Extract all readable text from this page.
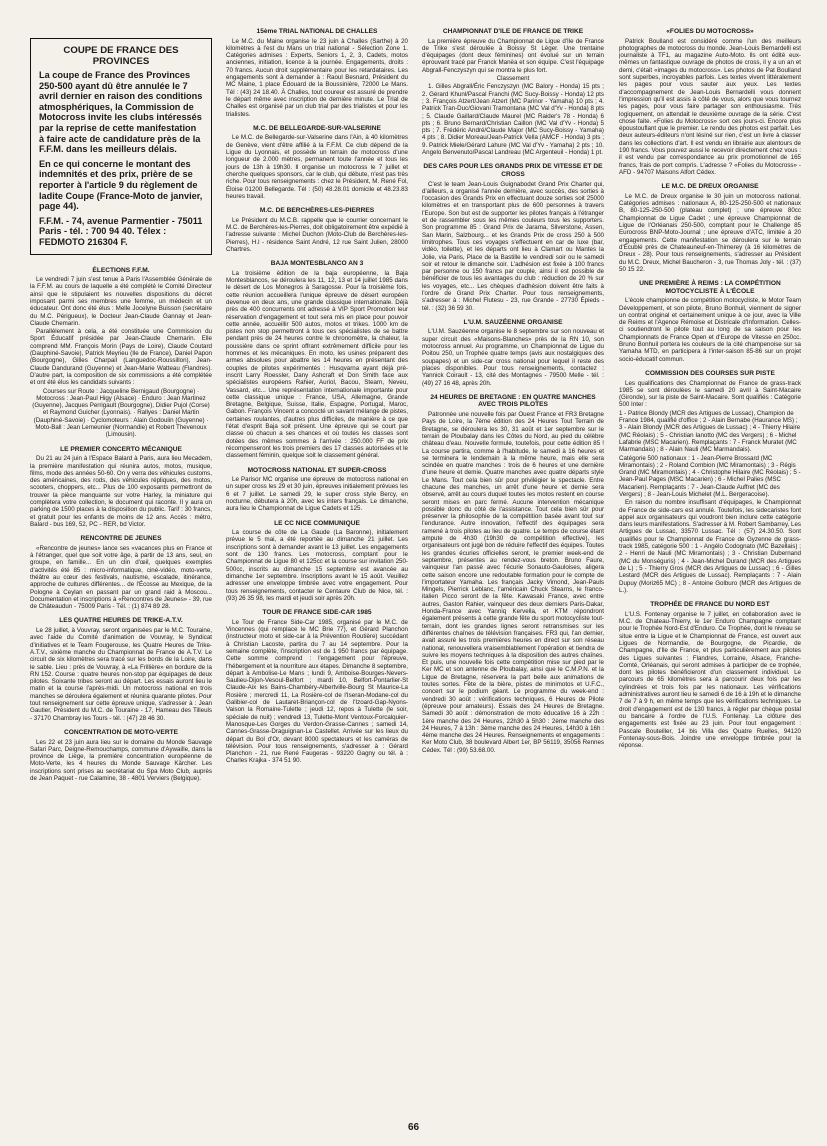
COUPE DE FRANCE DES PROVINCES

La coupe de France des Provinces 250-500 ayant dû être annulée le 7 avril dernier en raison des conditions atmosphériques, la Commission de Motocross invite les clubs intéressés par la reprise de cette manifestation à faire acte de candidature près de la F.F.M. dans les meilleurs délais.

En ce qui concerne le montant des indemnités et des prix, prière de se reporter à l'article 9 du règlement de ladite Coupe (France-Moto de janvier, page 44).

F.F.M. - 74, avenue Parmentier - 75011 Paris - tél. : 700 94 40. Télex : FEDMOTO 216304 F.

ÉLECTIONS F.F.M.

Le vendredi 7 juin s'est tenue à Paris l'Assemblée Générale de la F.F.M. au cours de laquelle a été complété le Comité Directeur ainsi que le stipulaient les nouvelles dispositions du décret imposant parmi ses membres une femme, un médecin et un éducateur. Ont donc été élus : Melle Jocelyne Buisson (secrétaire du M.C. Périgueux), le Docteur Jean-Claude Gannay et Jean-Claude Chemarin.

Parallèlement à cela, a été constituée une Commission du Sport Éducatif présidée par Jean-Claude Chemarin. Elle comprend MM. François Morin (Pays de Loire), Claude Coutard (Dauphiné-Savoie), Patrick Meyrieu (Ile de France), Daniel Papon (Bourgogne), Gilles Charpail (Languedoc-Roussillon), Jean-Claude Dandurand (Guyenne) et Jean-Marie Watteau (Flandres). D'autre part, la composition de six commissions a été complétée et ont été élus les candidats suivants :

Courses sur Route : Jacqueline Bernigaud (Bourgogne) · Motocross : Jean-Paul Higy (Alsace) · Enduro : Jean Martinez (Guyenne), Jacques Perrigault (Bourgogne), Didier Pujol (Corse) et Raymond Guicher (Lyonnais). · Rallyes : Daniel Martin (Dauphiné-Savoie) · Cyclomoteurs : Alain Godoulin (Guyenne) · Moto-Ball : Jean Lemeunier (Normandie) et Robert Thevenoux (Limousin).

LE PREMIER CONCERTO MÉCANIQUE

Du 21 au 24 juin à l'Espace Balard à Paris, aura lieu Mecadem, la première manifestation qui réunira autos, motos, musique, films, mode des années 50-60. On y verra des véhicules customs, des américaines, des rods, des véhicules répliques, des motos, scooters, choppers, etc... Plus de 100 exposants permettront de trouver la pièce manquante sur votre Harley, la miniature qui complètera votre collection, le document qui raconte. Il y aura un parking de 1500 places à la disposition du public. Tarif : 30 francs, et gratuit pour les enfants de moins de 12 ans. Accès : métro, Balard - bus 169, 52, PC - RER, bd Victor.

RENCONTRE DE JEUNES

«Rencontre de jeunes» lance ses «vacances plus en France et à l'étranger, quel que soit votre âge, à partir de 13 ans, seul, en groupe, en famille... En un clin d'œil, quelques exemples d'activités été 85 : micro-informatique, ciné-vidéo, moto-verte, théâtre au cœur des festivals, nautisme, escalade, itinérance, approche de cultures différentes... de l'Écosse au Mexique, de la Pologne à Ceylan en passant par un grand raid à Moscou... Documentation et inscriptions à «Rencontres de Jeunes» - 39, rue de Châteaudun - 75009 Paris - Tél. : (1) 874 89 28.

LES QUATRE HEURES DE TRIKE-A.T.V.

Le 28 juillet, à Vouvray, seront organisées par le M.C. Touraine, avec l'aide du Comité d'animation de Vouvray, le Syndicat d'initiatives et le Team Fougerouse, les Quatre Heures de Trike-A.T.V., sixième manche du Championnat de France de A.T.V. Le circuit de six kilomètres sera tracé sur les bords de la Loire, dans le sable. Lieu : près de Vouvray, à «La Frillière» en bordure de la RN 152. Course : quatre heures non-stop par équipages de deux pilotes. Soixante tribes seront au départ. Les essais auront lieu le matin et la course l'après-midi. Un motocross national en trois manches se déroulera également et réunira quarante pilotes. Pour tout renseignement sur cette épreuve unique, s'adresser à : Jean Gautier, Président du M.C. de Touraine - 17, Hameau des Tilleuls - 37170 Chambray les Tours - tél. : (47) 28 46 30.

CONCENTRATION DE MOTO-VERTE

Les 22 et 23 juin aura lieu sur le domaine du Monde Sauvage Safari Parc, Deigne-Remouchamps, commune d'Aywaille, dans la province de Liège, la première concentration européenne de Moto-Verte, les 4 heures du Monde Sauvage Kärcher. Les inscriptions sont prises au secrétariat du Spa Moto Club, auprès de Jean Paquet - rue Calamine, 38 - 4801 Verviers (Belgique).

15ème TRIAL NATIONAL DE CHALLES

Le M.C. du Maine organise le 23 juin à Challes (Sarthe) à 20 kilomètres à l'est du Mans un trial national - Sélection Zone 1. Catégories admises : Experts, Seniors 1, 2, 3, Cadets, motos anciennes, initiation, licence à la journée. Engagements, droits : 70 francs. Aucun droit supplémentaire pour les retardataires. Les engagements sont à demander à : Raoul Besnard, Président du MC Maine, 1 place Édouard de la Boussinière, 72000 Le Mans. Tél : (43) 24 18.40. À Challes, tout coureur est assuré de prendre le départ même avec inscription de dernière minute. Le Trial de Challes est organisé par un club trial par des trialistes et pour les trialistes.

M.C. DE BELLEGARDE-SUR-VALSERINE

Le M.C. de Bellegarde-sur-Valserine dans l'Ain, à 40 kilomètres de Genève, vient d'être affilié à la F.F.M. Ce club dépend de la Ligue du Lyonnais, et possède un terrain de motocross d'une longueur de 2.000 mètres, permanent toute l'année et tous les jours de 13h à 19h30. Il organise un motocross le 7 juillet et cherche quelques sponsors, car le club, qui débute, n'est pas très riche. Pour tous renseignements : chez le Président, M. René Fol, Éloise 01200 Bellegarde. Tél : (50) 48.28.01 domicile et 48.23.83 heures travail.

M.C. DE BERCHÈRES-LES-PIERRES

Le Président du M.C.B. rappelle que le courrier concernant le M.C. de Berchères-les-Pierres, doit obligatoirement être expédié à l'adresse suivante : Michel Duchon (Moto-Club de Berchères-les-Pierres), H.l - résidence Saint André, 12 rue Saint Julien, 28000 Chartres.

BAJA MONTESBLANCO AN 3

La troisième édition de la baja européenne, la Baja Montesblancos, se déroulera les 11, 12, 13 et 14 juillet 1985 dans le désert de Los Monegros à Saragosse. Pour la troisième fois, cette réunion accueillera l'unique épreuve de désert européen devenue en deux ans, une grande classique internationale. Déjà près de 400 concurrents ont adressé à VIP Sport Promotion leur réservation d'engagement et tout sera mis en place pour pouvoir cette année, accueillir 500 autos, motos et trikes. 1000 km de pistes non stop permettront à tous ces spécialistes de se battre pendant près de 24 heures contre le chronomètre, la chaleur, la poussière dans ce sprint offrant extrêmement difficile pour les hommes et les mécaniques. En moto, les usines préparent des armes absolues pour abattre les 14 heures en présentant des couples de pilotes expérimentés : Husqvarna ayant déjà pré-inscrit Larry Roessler, Dany Ashcraft et Don Smith face aux spécialistes européens Rahier, Auriol, Bacou, Stearn, Neveu, Vassard, etc... Une représentation internationale importante pour cette classique unique : France, USA, Allemagne, Grande Bretagne, Belgique, Suisse, Italie, Espagne, Portugal, Maroc, Gabon. François Vincent a concocté un savant mélange de pistes, certaines roulantes, d'autres plus difficiles, de manière à ce que l'état d'esprit Baja soit présent. Une épreuve qui se court par classe où chacun a ses chances et où toutes les classes sont dotées des mêmes sommes à l'arrivée : 250.000 FF de prix récompenseront les trois premiers des 17 classes autorisées et le classement féminin, quelque soit le classement général.

MOTOCROSS NATIONAL ET SUPER-CROSS

Le Parisor MC organise une épreuve de motocross national en un super cross les 29 et 30 juin, épreuves initialement prévues les 6 et 7 juillet. Le samedi 29, le super cross style Bercy, en nocturne, débutera à 20h, avec les inters français. Le dimanche, aura lieu le Championnat de Ligue Cadets et 125.

LE CC NICE COMMUNIQUE

La course de côte de La Gaude (La Baronne), initialement prévue le 5 mai, a été reportée au dimanche 21 juillet. Les inscriptions sont à demander avant le 13 juillet. Les engagements sont de 130 francs. Les motocross, comptant pour le Championnat de Ligue 80 et 125cc et la course sur invitation 250-500cc, inscrits au dimanche 15 septembre est avancée au dimanche 1er septembre. Inscriptions avant le 15 août. Veuillez adresser une enveloppe timbrée avec votre engagement. Pour tous renseignements, contacter le Centaure Club de Nice, tél. : (93) 26 35 98, les mardi et jeudi soir après 20h.

TOUR DE FRANCE SIDE-CAR 1985

Le Tour de France Side-Car 1985, organisé par le M.C. de Vincennes (qui remplace le MC Brie 77), et Gérard Planchon (instructeur moto et side-car à la Prévention Routière) succédant à Christian Lacoste, partira du 7 au 14 septembre. Pour la semaine complète, l'inscription est de 1 950 francs par équipage. Cette somme comprend : l'engagement pour l'épreuve, l'hébergement et la nourriture aux étapes. Dimanche 8 septembre, départ à Ambolise-Le Mans ; lundi 9, Amboise-Bourges-Nevers-Saulieu-Dijon-Vesoul-Belfort ; mardi 10, Belfort-Pontarlier-St Claude-Aix les Bains-Chambéry-Albertville-Bourg St Maurice-La Rosière ; mercredi 11, La Rosière-col de l'Iseran-Modane-col du Galibier-col de Lautaret-Briançon-col de l'Izoard-Gap-Nyons-Vaison la Romaine-Tulette ; jeudi 12, repos à Tulette (le soir, spéciale de nuit) ; vendredi 13, Tulette-Mont Ventoux-Forcalquier-Manosque-Les Gorges du Verdon-Grasse-Cannes ; samedi 14, Cannes-Grasse-Draguignan-Le Castellet. Arrivée sur les lieux du départ du Bol d'Or, devant 8000 spectateurs et les caméras de télévision. Pour tous renseignements, s'adresser à : Gérard Planchon - 21, rue René Faugeras - 93220 Gagny ou tél. à : Charles Krajka - 374 51 90.

CHAMPIONNAT D'ILE DE FRANCE DE TRIKE

La première épreuve du Championnat de Ligue d'Ile de France de Trike s'est déroulée à Boissy St Léger. Une trentaine d'équipages (dont deux féminines) ont évolué sur un terrain éprouvant tracé par Franck Manèa et son équipe. C'est l'équipage Abgrall-Fenczyszyn qui se montra le plus fort.

Classement

1. Gilles Abgrall/Éric Fenczyszyn (MC Balory - Honda) 15 pts ; 2. Gérard Khunl/Pascal Franchi (MC Sucy-Boissy - Honda) 12 pts ; 3. François Atzert/Jean Atzert (MC Parinor - Yamaha) 10 pts ; 4. Patrick Tran-Duc/Giovani Tramontana (MC Val d'Yv - Honda) 8 pts ; 5. Claude Gaillard/Claude Maurel (MC Raider's 78 - Honda) 6 pts ; 6. Bruno Bernard/Christian Caillon (MC Val d'Yv - Honda) 5 pts ; 7. Frédéric André/Claude Major (MC Sucy-Boissy - Yamaha) 4 pts ; 8. Didier Moreau/Jean-Patrick Vella (AMCF - Honda) 3 pts ; 9. Patrick Miele/Gérard Lahure (MC Val d'Yv - Yamaha) 2 pts ; 10. Angelo Benvenuto/Pascal Landreau (MC Argenteuil - Honda) 1 pt.

DES CARS POUR LES GRANDS PRIX DE VITESSE ET DE CROSS

C'est le team Jean-Louis Guignabodet Grand Prix Charter qui, d'ailleurs, a organisé l'année dernière, avec succès, des sorties à l'occasion des Grands Prix en effectuant douze sorties soit 25000 kilomètres et en transportant plus de 600 personnes à travers l'Europe. Son but est de supporter les pilotes français à l'étranger et de rassembler sous les mêmes couleurs tous les supporters. Son programme 85 : Grand Prix de Jarama, Silverstone, Assen, San Marin, Salzbourg... et les Grands Prix de cross 250 à 500 limitrophes. Tous ces voyages s'effectuent en car de luxe (bar, vidéo, toilette), et les départs ont lieu à Clamart ou Mantes la Jolie, via Paris, Place de la Bastille le vendredi soir ou le samedi soir et retour le dimanche soir. L'adhésion est fixée à 100 francs par personne ou 150 francs par couple, ainsi il est possible de bénéficier de tous les avantages du club : réduction de 20 % sur les voyages, etc... Les chèques d'adhésion doivent être faits à l'ordre de Grand Prix Charter. Pour tous renseignements, s'adresser à : Michel Flutesu - 23, rue Grande - 27730 Épieds - tél. : (32) 36 59 30.

L'U.M. SAUZÉENNE ORGANISE

L'U.M. Sauzéenne organise le 8 septembre sur son nouveau et super circuit des «Maisons-Blanches» près de la RN 10, son motocross annuel. Au programme, un Championnat de Ligue du Poitou 250, un Trophée quatre temps (avis aux nostalgiques des soupapes) et un side-car cross national pour lequel il reste des places disponibles. Pour tous renseignements, contactez : Yannick Coirault - 13, cité des Montagnes - 79500 Melle - tél. : (49) 27 16 48, après 20h.

24 HEURES DE BRETAGNE : EN QUATRE MANCHES AVEC TROIS PILOTES

Patronnée une nouvelle fois par Ouest France et FR3 Bretagne Pays de Loire, la 7ème édition des 24 Heures Tout Terrain de Bretagne, se déroulera les 30, 31 août et 1er septembre sur le terrain de Ploubalay dans les Côtes du Nord, au pied du célèbre château d'eau. Nouvelle formule, toutefois, pour cette édition 85 ! La course partira, comme à l'habitude, le samedi à 16 heures et se terminera le lendemain à la même heure, mais elle sera scindée en quatre manches : trois de 6 heures et une dernière d'une heure et demie. Quatre manches avec quatre départs style Le Mans. Tout cela bien sûr pour privilégier le spectacle. Entre chacune des manches, un arrêt d'une heure et demie sera observé, arrêt au cours duquel toutes les motos restent en course seront mises en parc fermé. Aucune intervention mécanique possible donc du côté de l'assistance. Tout cela bien sûr pour préserver la philosophie de la compétition basée avant tout sur l'endurance. Autre innovation, l'effectif des équipages sera ramené à trois pilotes au lieu de quatre. Le temps de course étant ampute de 4h30 (19h30 de compétition effective), les organisateurs ont jugé bon de réduire l'effectif des équipes. Toutes les grandes écuries officielles seront, le premier week-end de septembre, présentes au rendez-vous breton. Bruno Faure, vainqueur l'an passé avec l'écurie Sonauto-Gauloises, aligera cette saison encore une redoutable formation pour le compte de l'importateur Yamaha. Les français Jacky Vimond, Jean-Pauls Mingels, Pierrick Leblanc, l'américain Chuck Stearns, le franco-italien Picco seront de la fête. Kawasaki France, avec entre autres, Gaston Rahier, vainqueur des deux derniers Paris-Dakar, Honda-France avec Yanniq Kervella, et KTM répondront également présents à cette grande fête du sport motocycliste tout-terrain, dont les grandes lignes seront retransmises sur les différentes chaînes de télévision françaises. FR3 qui, l'an dernier, avait assuré les trois premières heures en direct sur son réseau national, renouvellera vraisemblablement l'opération et tiendra de suivre les moyens techniques à la disposition des autres chaînes. Et puis, une nouvelle fois cette compétition mise sur pied par le Ker MC et son antenne de Ploubalay, ainsi que le C.M.P.N. et la Ligue de Bretagne, réservera la part belle aux animations de toutes sortes. Fête de la bière, pistes de minimotos et U.F.C., concert sur le podium géant. Le programme du week-end : vendredi 30 août : vérifications techniques, 6 Heures de Pilote (épreuve pour amateurs). Essais des 24 Heures de Bretagne. Samedi 30 août : démonstration de moto éducative 16 à 22h : 1ère manche des 24 Heures, 22h30 à 5h30 : 2ème manche des 24 Heures, 7 à 13h : 3ème manche des 24 Heures, 14h30 à 16h : 4ème manche des 24 Heures. Renseignements et engagements : Ker Moto Club, 38 boulevard Albert 1er, BP 56119, 35056 Rennes Cédex. Tél : (99) 53.68.00.

«FOLIES DU MOTOCROSS»

Patrick Boulland est considéré comme l'un des meilleurs photographes de motocross du monde. Jean-Louis Bernardelli est journaliste à TF1, au magazine Auto-Moto. Ils ont édité eux-mêmes un fantastique ouvrage de photos de cross, il y a un an et demi, c'était «images du motocross». Les photos de Pat Boulland sont superbes, incroyables parfois. Les textes vivent littéralement les pages pour vous sauter aux yeux. Les textes d'accompagnement de Jean-Louis Bernardelli vous donnent l'impression qu'il est assis à côté de vous, alors que vous tournez les pages, pour vous faire partager son enthousiasme. Très logiquement, on attendait le deuxième ouvrage de la série. C'est chose faite. «Folies du Motocross» sort ces jours-ci. Encore plus époustouflant que le premier. Le rendu des photos est parfait. Les deux auteurs-éditeurs n'ont lésiné sur rien, c'est un livre à classer dans les collections d'art. Il est vendu en librairie aux alentours de 190 francs. Vous pouvez aussi le recevoir directement chez vous : il est vendu par correspondance au prix promotionnel de 165 francs, frais de port compris. L'adresse ? «Folies du Motocross» - AFD - 94707 Maisons Alfort Cédex.

LE M.C. DE DREUX ORGANISE

Le M.C. de Dreux organise le 30 juin un motocross national. Catégories admises : nationaux A, 80-125-250-500 et nationaux B, 80-125-250-500 (plateau complet) ; une épreuve 80cc Championnat de Ligue Cadet ; une épreuve Championnat de Ligue de l'Orléanais 250-500, comptant pour le Challenge 85 Eurocross BNP-Moto-Journal ; une épreuve d'ATC, limitée à 20 engagements. Cette manifestation se déroulera sur le terrain d'Écublé près de Chateauneuf-en-Thimerey (à 16 kilomètres de Dreux - 28). Pour tous renseignements, s'adresser au Président du M.C. Dreux, Michel Baucheron - 3, rue Thomas Joly - tél. : (37) 50 15 22.

UNE PREMIÈRE À REIMS : LA COMPÉTITION MOTOCYCLISTE À L'ÉCOLE

L'école championne de compétition motocycliste, le Motor Team Développement, et son pilote, Bruno Bonhuil, viennent de signer un contrat original et certainement unique à ce jour, avec la Ville de Reims et l'Agence Rémoise et Districale d'Information. Celles-ci soutiendront le pilote tout au long de sa saison pour les Championnats de France Open et d'Europe de Vitesse en 250cc. Bruno Bonhuil portera les couleurs de la cité champenoise sur sa Yamaha MTD, en participera à l'inter-saison 85-86 sur un projet socio-éducatif commun.

COMMISSION DES COURSES SUR PISTE

Les qualifications des Championnat de France de grass-track 1985 se sont déroulées le samedi 20 avril à Saint-Macaire (Gironde), sur la piste de Saint-Macaire. Sont qualifiés : Catégorie 500 Inter :

1 - Patrice Blondy (MCR des Artigues de Lussac), Champion de France 1984, qualifié d'office ; 2 - Alain Bernabe (Haurance MS) ; 3 - Alain Blondy (MCR des Artigues de Lussac) ; 4 - Thierry Hilaire (MC Réolais) ; 5 - Christian Ianotto (MC des Vergers) ; 6 - Michel Lafabrie (MSC Macarien). Remplaçants : 7 - Franck Muratet (MC Marmandais) ; 8 - Alain Nauli (MC Marmandais).

Catégorie 500 nationaux : 1 - Jean-Pierre Brossard (MC Miramontais) ; 2 - Roland Combion (MC Miramontais) ; 3 - Régis Grand (MC Miramontais) ; 4 - Christophe Hilaire (MC Réolais) ; 5 - Jean-Paul Pages (MSC Macarien) ; 6 - Michel Palies (MSC Macarien). Remplaçants : 7 - Jean-Claude Auffret (MC des Vergers) ; 8 - Jean-Louis Michelet (M.L. Bergeracoise).

En raison du nombre insuffisant d'équipages, le Championnat de France de side-cars est annulé. Toutefois, les sidecaristes font appel aux organisateurs qui voudront bien inclure cette catégorie dans leurs manifestations. S'adresser à M. Robert Sambarrey, Les Artigues de Lussac, 33570 Lussac. Tél : (57) 24.30.50. Sont qualifiés pour le Championnat de France de Gyzenne de grass-track 1985, catégorie 500 : 1 - Angélo Codognato (MC Bazellais) ; 2 - Henri de Nauli (MC Miramontais) ; 3 - Christian Dubernand (MC du Monséguris) ; 4 - Jean-Michel Durand (MCR des Artigues de L) ; 5 - Thierry Gros (MCR des Artigues de Lussac) ; 6 - Gilles Lestard (MCR des Artigues de Lussac). Remplaçants : 7 - Alain Dupuy (Moriz65 MC) ; 8 - Antoine Golburo (MCR des Artigues de L.).

TROPHÉE DE FRANCE DU NORD EST

L'U.S. Fontenay organise le 7 juillet, en collaboration avec le M.C. de Chateau-Thierry, le 1er Enduro Champagne comptant pour le Trophée Nord-Est d'Enduro. Ce Trophée, dont le niveau se situe entre la Ligue et le Championnat de France, est ouvert aux Ligues de Normandie, de Bourgogne, de Picardie, de Champagne, d'Ile de France, et plus particulièrement aux pilotes des Ligues suivantes : Flandres, Lorraine, Alsace, Franche-Comté, Orléanais, qui seront admises à participer de ce trophée, dont les pilotes bénéficieront d'un classement individuel. Le parcours de 65 kilomètres sera à parcourir deux fois par les cylindrées et trois fois par les nationaux. Les vérifications administratives auront lieu le samedi 6 de 16 à 19h et le dimanche 7 de 7 à 9 h, en même temps que les vérifications techniques. Le droit d'engagement est de 130 francs, à régler par chèque postal ou bancaire à l'ordre de l'U.S. Fontenay. La clôture des engagements est fixée au 23 juin. Pour tout engagement : Pascale Bouteiller, 14 bis Villa des Quatre Ruelles, 94120 Fontenay-sous-Bois. Joindre une enveloppe timbrée pour la réponse.

66
